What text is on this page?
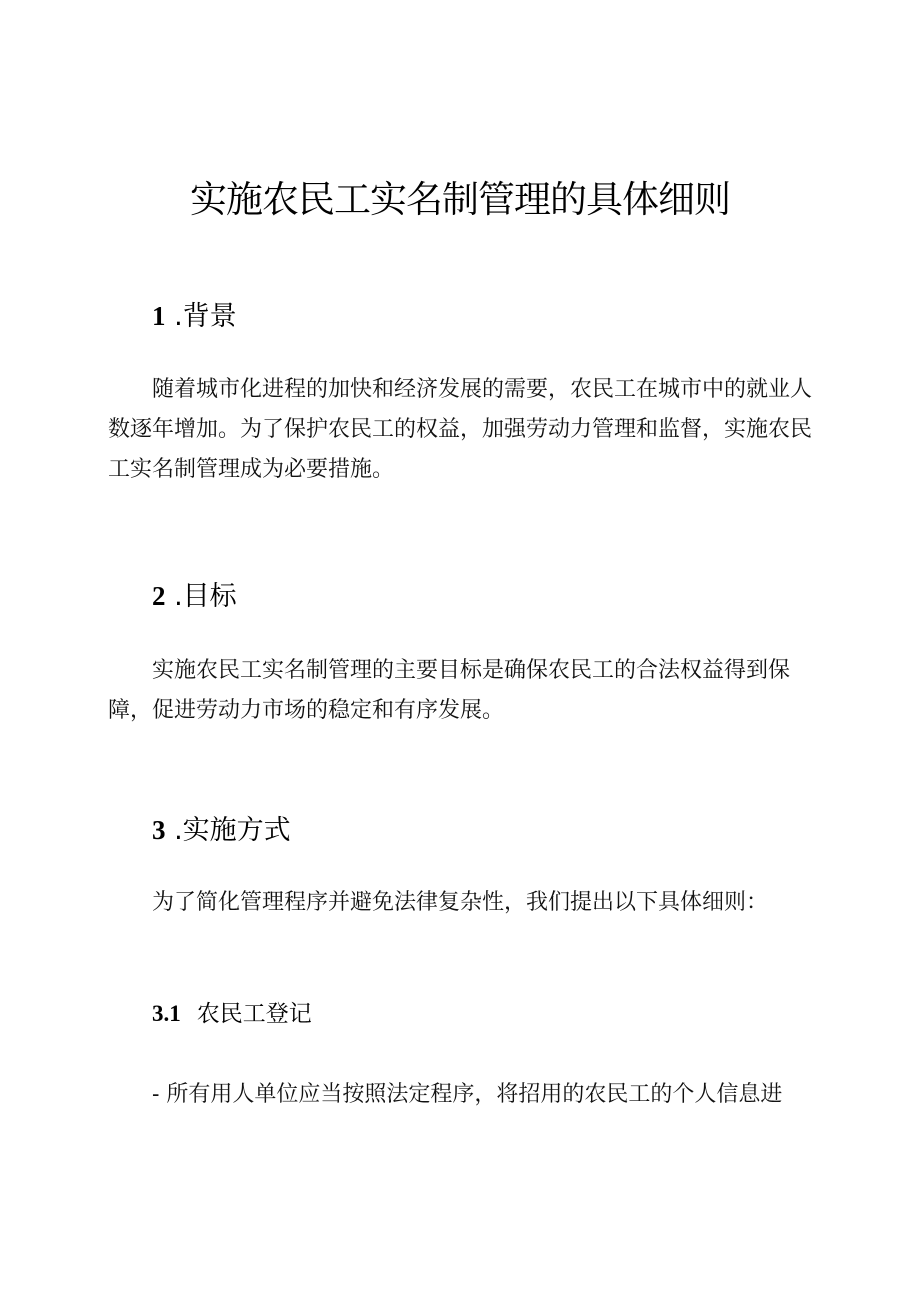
实施农民工实名制管理的具体细则
1 .背景

随着城市化进程的加快和经济发展的需要，农民工在城市中的就业人数逐年增加。为了保护农民工的权益，加强劳动力管理和监督，实施农民工实名制管理成为必要措施。

2 .目标

实施农民工实名制管理的主要目标是确保农民工的合法权益得到保障，促进劳动力市场的稳定和有序发展。

3 .实施方式

为了简化管理程序并避免法律复杂性，我们提出以下具体细则：

3.1 农民工登记

- 所有用人单位应当按照法定程序，将招用的农民工的个人信息进
